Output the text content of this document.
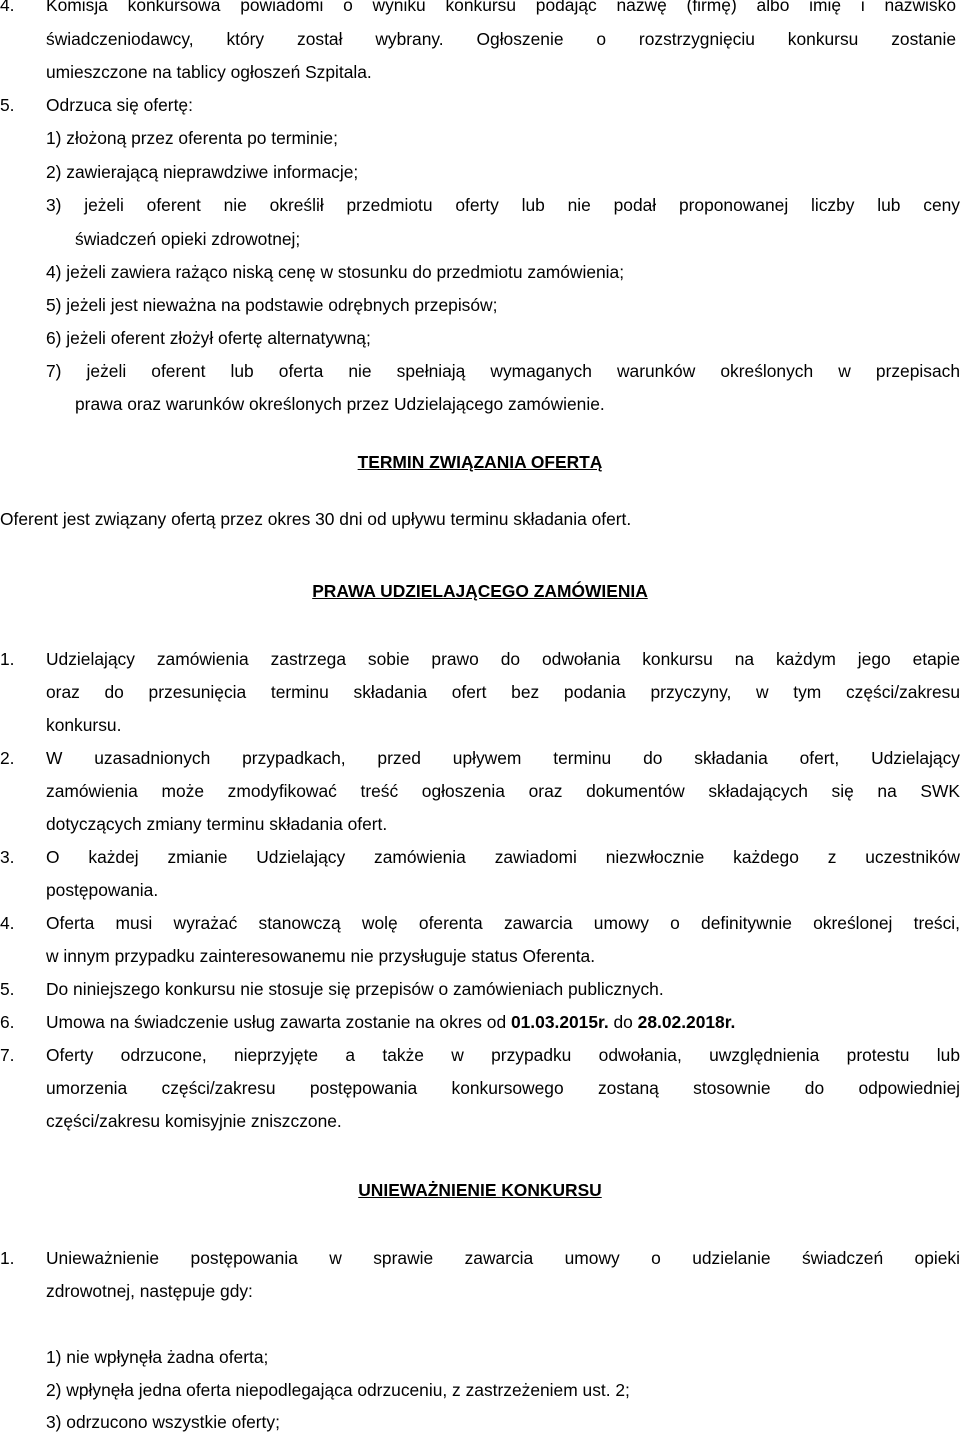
4. Komisja konkursowa powiadomi o wyniku konkursu podając nazwę (firmę) albo imię i nazwisko
świadczeniodawcy, który został wybrany. Ogłoszenie o rozstrzygnięciu konkursu zostanie
umieszczone na tablicy ogłoszeń Szpitala.
5. Odrzuca się ofertę:
1) złożoną przez oferenta po terminie;
2) zawierającą nieprawdziwe informacje;
3) jeżeli oferent nie określił przedmiotu oferty lub nie podał proponowanej liczby lub ceny
świadczeń opieki zdrowotnej;
4) jeżeli zawiera rażąco niską cenę w stosunku do przedmiotu zamówienia;
5) jeżeli jest nieważna na podstawie odrębnych przepisów;
6) jeżeli oferent złożył ofertę alternatywną;
7) jeżeli oferent lub oferta nie spełniają wymaganych warunków określonych w przepisach
prawa oraz warunków określonych przez Udzielającego zamówienie.
TERMIN ZWIĄZANIA OFERTĄ
Oferent jest związany ofertą przez okres 30 dni od upływu terminu składania ofert.
PRAWA UDZIELAJĄCEGO ZAMÓWIENIA
1. Udzielający zamówienia zastrzega sobie prawo do odwołania konkursu na każdym jego etapie
oraz do przesunięcia terminu składania ofert bez podania przyczyny, w tym części/zakresu
konkursu.
2. W uzasadnionych przypadkach, przed upływem terminu do składania ofert, Udzielający
zamówienia może zmodyfikować treść ogłoszenia oraz dokumentów składających się na SWK
dotyczących zmiany terminu składania ofert.
3. O każdej zmianie Udzielający zamówienia zawiadomi niezwłocznie każdego z uczestników
postępowania.
4. Oferta musi wyrażać stanowczą wolę oferenta zawarcia umowy o definitywnie określonej treści,
w innym przypadku zainteresowanemu nie przysługuje status Oferenta.
5. Do niniejszego konkursu nie stosuje się przepisów o zamówieniach publicznych.
6. Umowa na świadczenie usług zawarta zostanie na okres od 01.03.2015r. do 28.02.2018r.
7. Oferty odrzucone, nieprzyjęte a także w przypadku odwołania, uwzględnienia protestu lub
umorzenia części/zakresu postępowania konkursowego zostaną stosownie do odpowiedniej
części/zakresu komisyjnie zniszczone.
UNIEWAŻNIENIE KONKURSU
1. Unieważnienie postępowania w sprawie zawarcia umowy o udzielanie świadczeń opieki
zdrowotnej, następuje gdy:
1) nie wpłynęła żadna oferta;
2) wpłynęła jedna oferta niepodlegająca odrzuceniu, z zastrzeżeniem ust. 2;
3) odrzucono wszystkie oferty;
